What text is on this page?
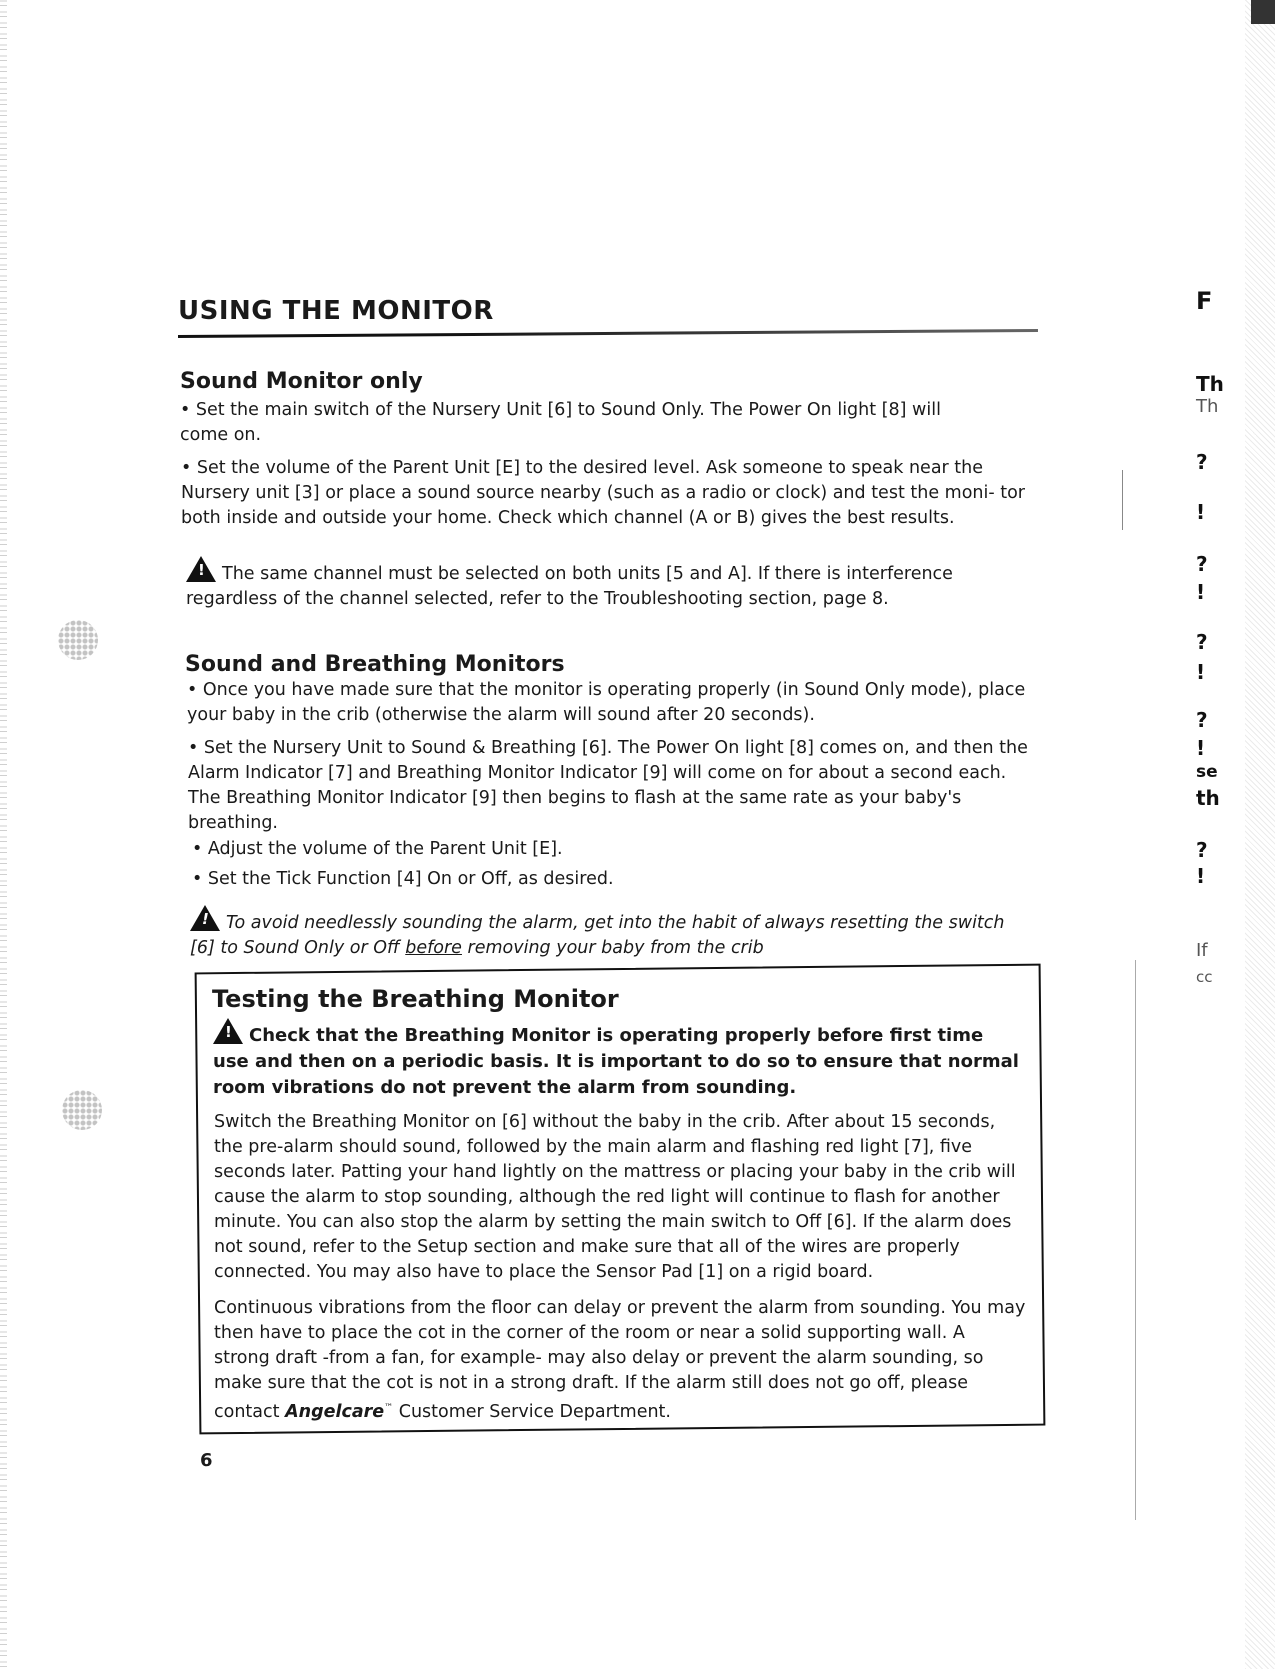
USING THE MONITOR
Sound Monitor only
• Set the main switch of the Nursery Unit [6] to Sound Only. The Power On light [8] will come on.
• Set the volume of the Parent Unit [E] to the desired level. Ask someone to speak near the Nursery unit [3] or place a sound source nearby (such as a radio or clock) and test the moni- tor both inside and outside your home. Check which channel (A or B) gives the best results.
!The same channel must be selected on both units [5 and A]. If there is interference regardless of the channel selected, refer to the Troubleshooting section, page 8.
Sound and Breathing Monitors
• Once you have made sure that the monitor is operating properly (in Sound Only mode), place your baby in the crib (otherwise the alarm will sound after 20 seconds).
• Set the Nursery Unit to Sound & Breathing [6]. The Power On light [8] comes on, and then the Alarm Indicator [7] and Breathing Monitor Indicator [9] will come on for about a second each. The Breathing Monitor Indicator [9] then begins to flash at the same rate as your baby's breathing.
• Adjust the volume of the Parent Unit [E].
• Set the Tick Function [4] On or Off, as desired.
!To avoid needlessly sounding the alarm, get into the habit of always resetting the switch [6] to Sound Only or Off before removing your baby from the crib
Testing the Breathing Monitor
!Check that the Breathing Monitor is operating properly before first time use and then on a periodic basis. It is important to do so to ensure that normal room vibrations do not prevent the alarm from sounding.
Switch the Breathing Monitor on [6] without the baby in the crib. After about 15 seconds, the pre-alarm should sound, followed by the main alarm and flashing red light [7], five seconds later. Patting your hand lightly on the mattress or placing your baby in the crib will cause the alarm to stop sounding, although the red light will continue to flash for another minute. You can also stop the alarm by setting the main switch to Off [6]. If the alarm does not sound, refer to the Setup section and make sure that all of the wires are properly connected. You may also have to place the Sensor Pad [1] on a rigid board.
Continuous vibrations from the floor can delay or prevent the alarm from sounding. You may then have to place the cot in the corner of the room or near a solid supporting wall. A strong draft -from a fan, for example- may also delay or prevent the alarm sounding, so make sure that the cot is not in a strong draft. If the alarm still does not go off, please contact Angelcare™ Customer Service Department.
6
F
Th
Th
?
!
?
!
?
!
?
!
se
th
?
!
If
cc
